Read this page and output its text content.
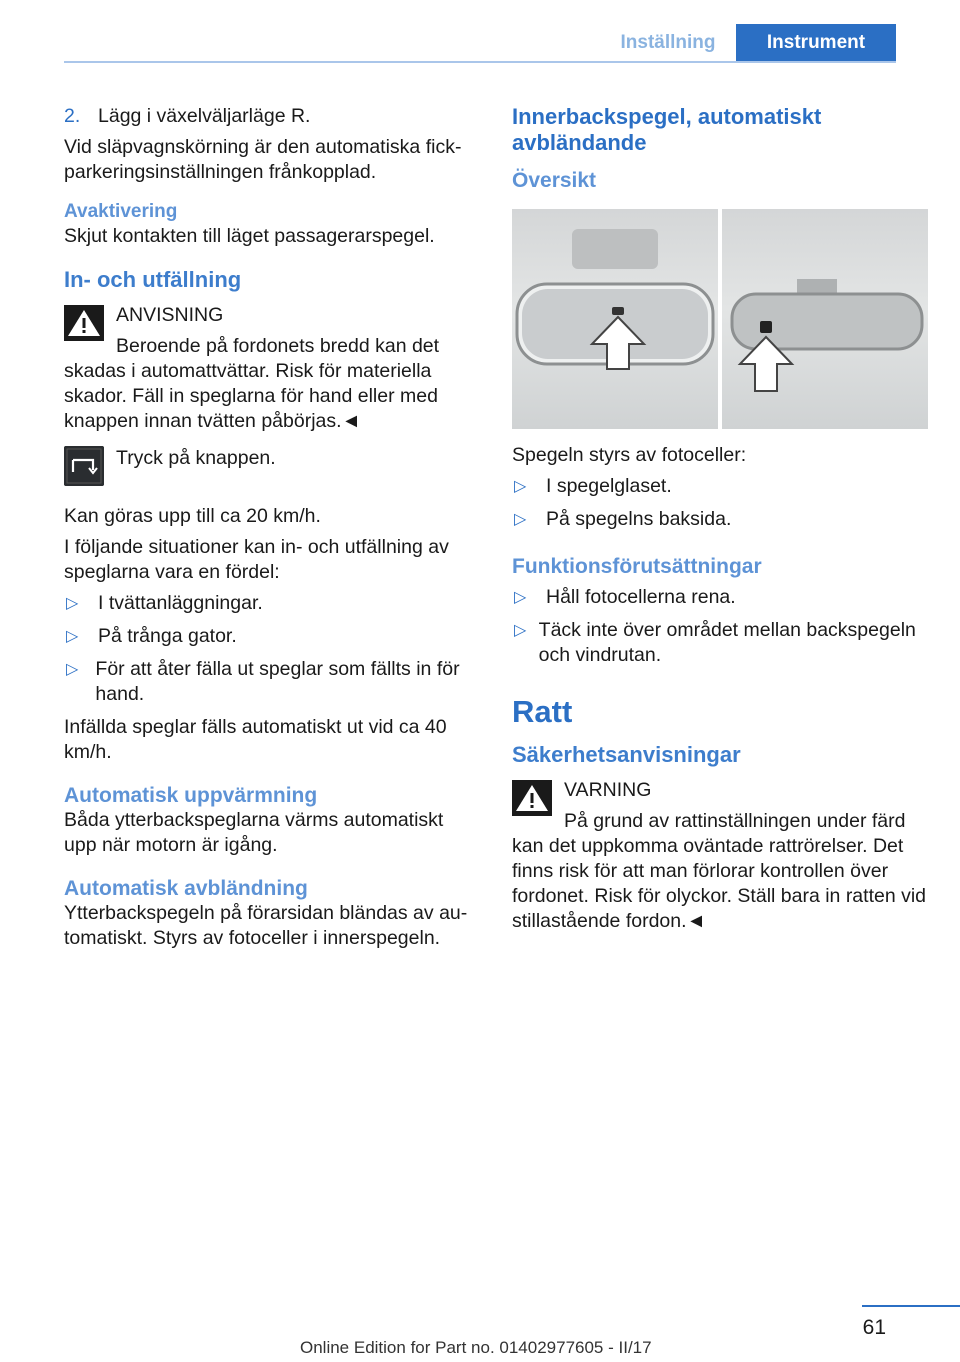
Inställning	Instrument
2. Lägg i växelväljarläge R.

Vid släpvagnskörning är den automatiska fickparkeringsinställningen frånkopplad.

Avaktivering

Skjut kontakten till läget passagerarspegel.

In- och utfällning
ANVISNING
Beroende på fordonets bredd kan det
skadas i automattvättar. Risk för materiella skador. Fäll in speglarna för hand eller med knappen innan tvätten påbörjas.◄
Tryck på knappen.

Kan göras upp till ca 20 km/h.

I följande situationer kan in- och utfällning av speglarna vara en fördel:

▷	I tvättanläggningar.
▷	På trånga gator.
▷ För att åter fälla ut speglar som fällts in för hand.

Infällda speglar fälls automatiskt ut vid ca 40 km/h.

Automatisk uppvärmning

Båda ytterbackspeglarna värms automatiskt upp när motorn är igång.

Automatisk avbländning

Ytterbackspegeln på förarsidan bländas av automatiskt. Styrs av fotoceller i innerspegeln.

Innerbackspegel, automatiskt avbländande
Översikt

Spegeln styrs av fotoceller:

▷	I spegelglaset.
▷	På spegelns baksida.
Funktionsförutsättningar
▷	Håll fotocellerna rena.
▷ Täck inte över området mellan backspegeln och vindrutan.
Ratt
Säkerhetsanvisningar
VARNING
På grund av rattinställningen under färd
kan det uppkomma oväntade rattrörelser. Det finns risk för att man förlorar kontrollen över fordonet. Risk för olyckor. Ställ bara in ratten vid stillastående fordon.◄
61
Online Edition for Part no. 01402977605 - II/17
